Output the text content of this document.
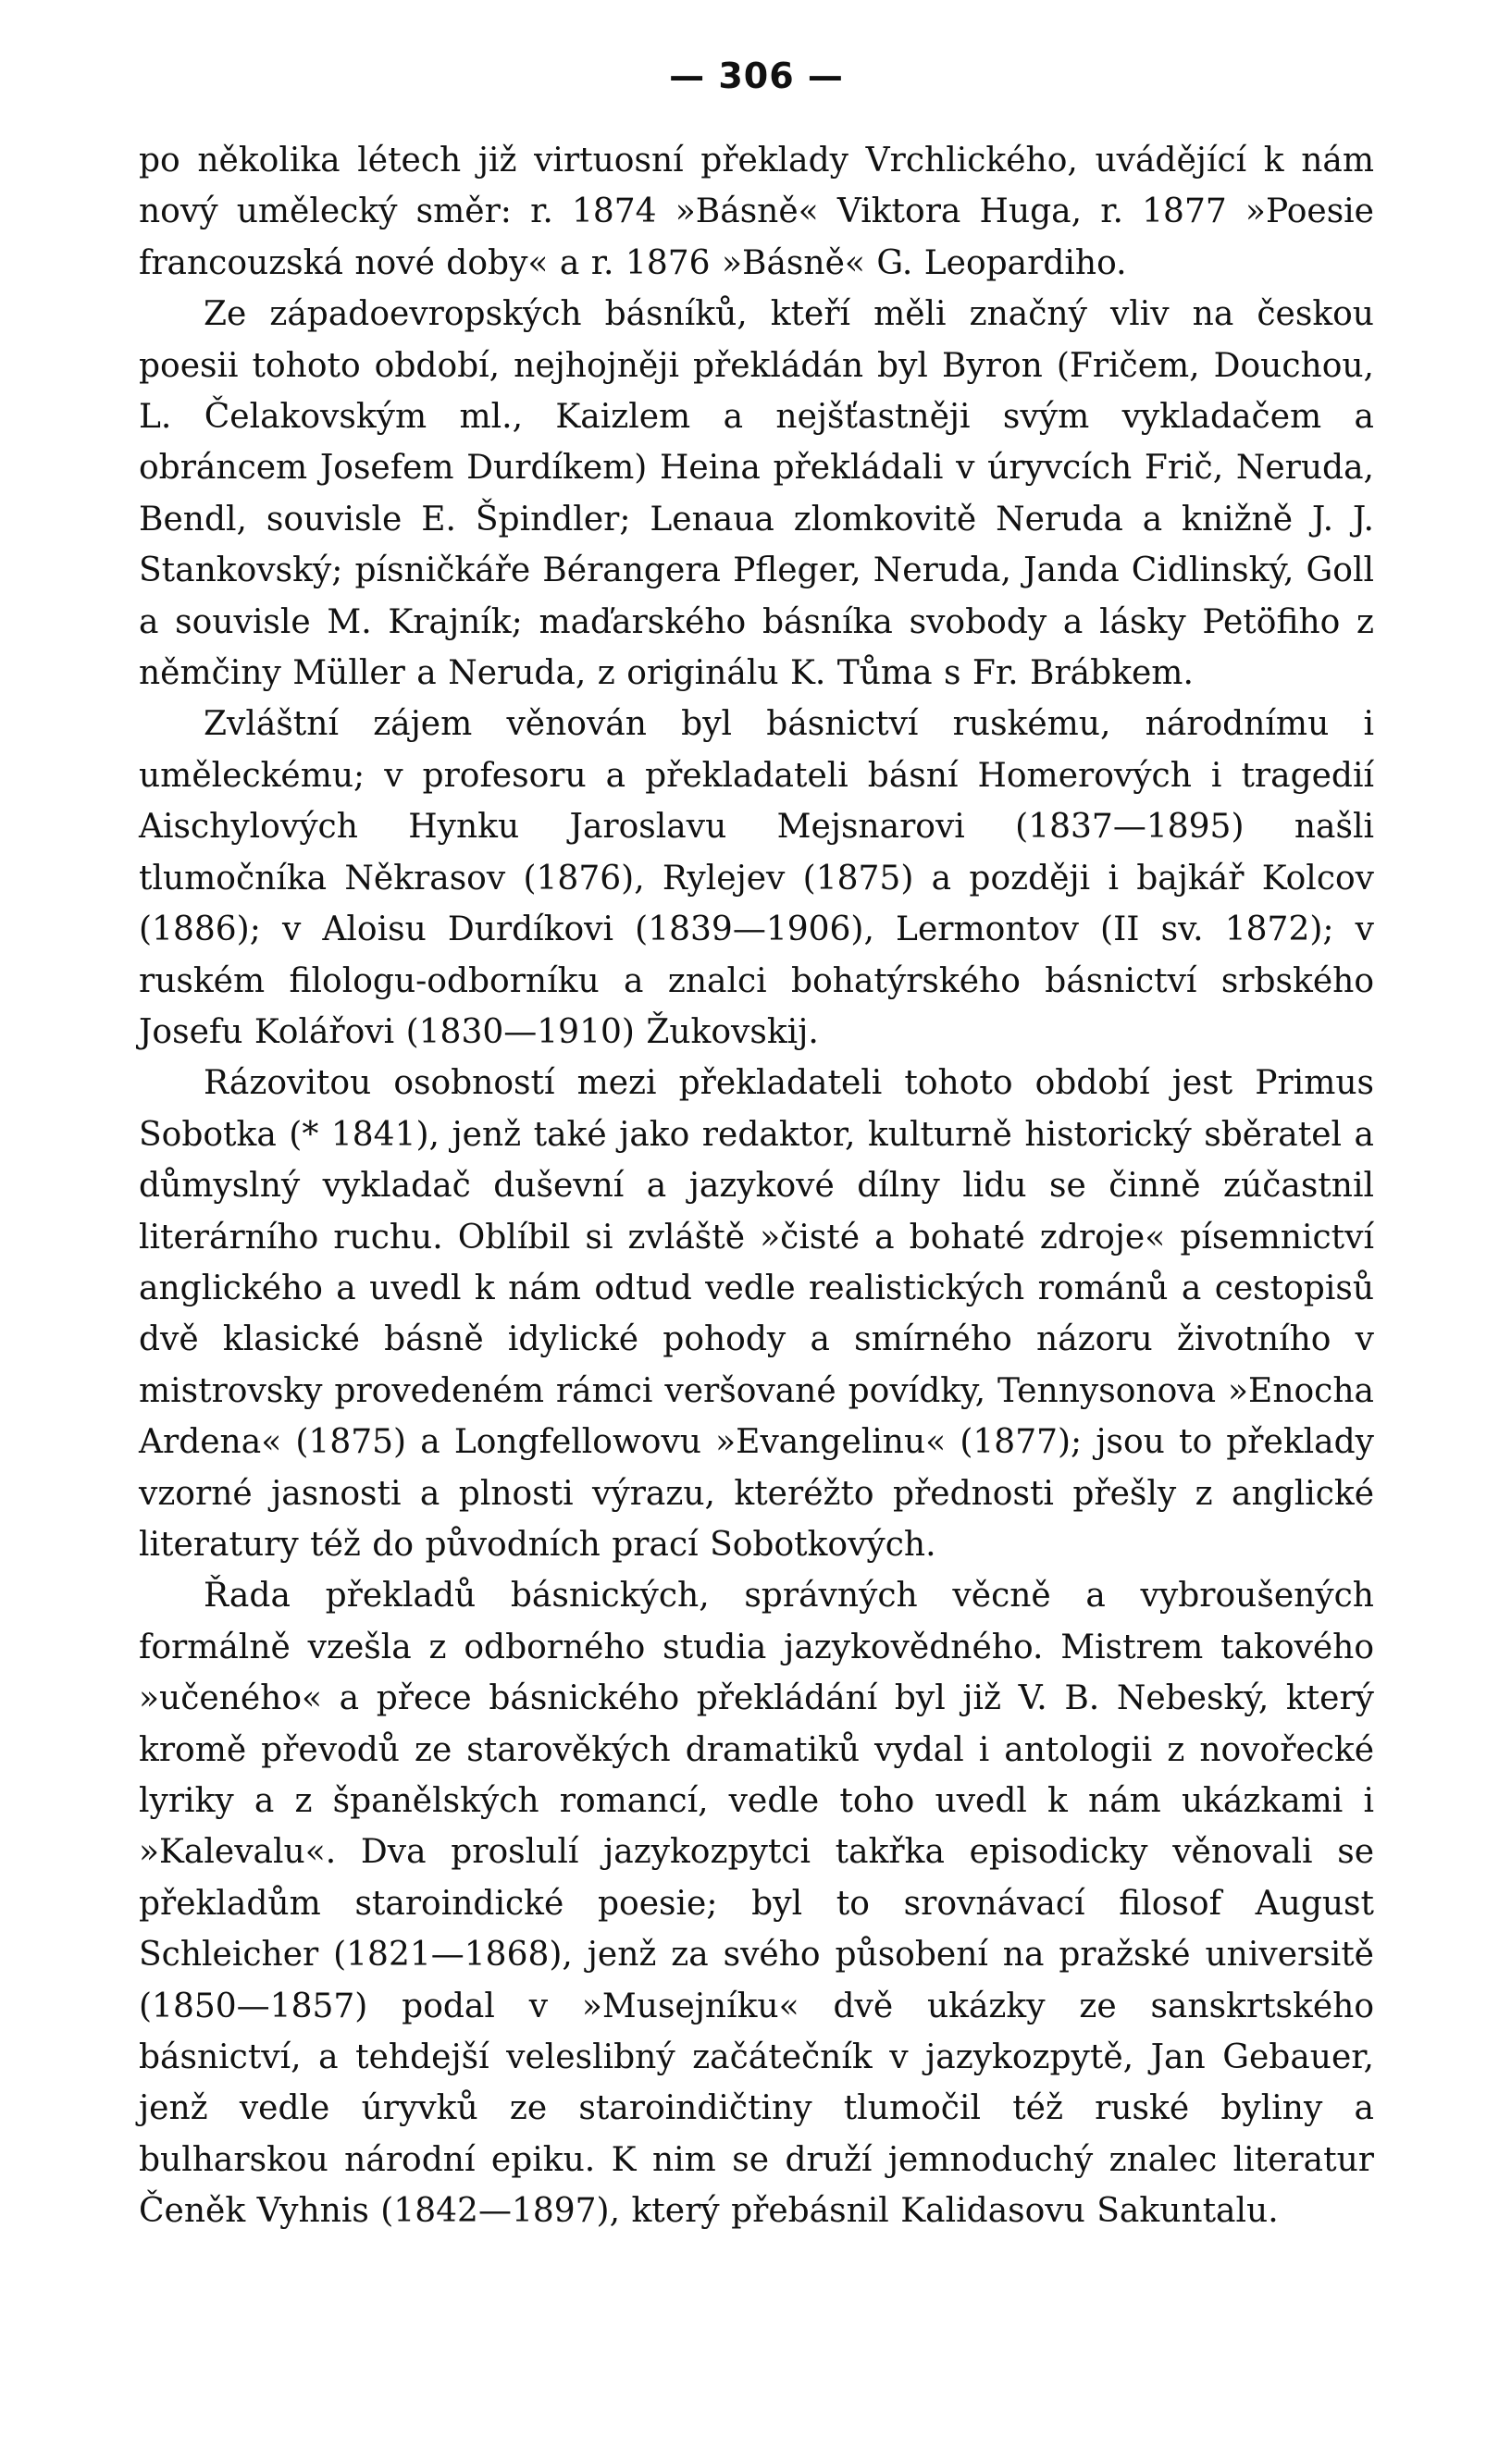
— 306 —

po několika létech již virtuosní překlady Vrchlického, uvádějící k nám nový umělecký směr: r. 1874 »Básně« Viktora Huga, r. 1877 »Poesie francouzská nové doby« a r. 1876 »Básně« G. Leopardiho.

Ze západoevropských básníků, kteří měli značný vliv na českou poesii tohoto období, nejhojněji překládán byl Byron (Fričem, Douchou, L. Čelakovským ml., Kaizlem a nejšťastněji svým vykladačem a obráncem Josefem Durdíkem) Heina překládali v úryvcích Frič, Neruda, Bendl, souvisle E. Špindler; Lenaua zlomkovitě Neruda a knižně J. J. Stankovský; písničkáře Bérangera Pfleger, Neruda, Janda Cidlinský, Goll a souvisle M. Krajník; maďarského básníka svobody a lásky Petöfiho z němčiny Müller a Neruda, z originálu K. Tůma s Fr. Brábkem.

Zvláštní zájem věnován byl básnictví ruskému, národnímu i uměleckému; v profesoru a překladateli básní Homerových i tragedií Aischylových Hynku Jaroslavu Mejsnarovi (1837—1895) našli tlumočníka Někrasov (1876), Rylejev (1875) a později i bajkář Kolcov (1886); v Aloisu Durdíkovi (1839—1906), Lermontov (II sv. 1872); v ruském filologu-odborníku a znalci bohatýrského básnictví srbského Josefu Kolářovi (1830—1910) Žukovskij.

Rázovitou osobností mezi překladateli tohoto období jest Primus Sobotka (* 1841), jenž také jako redaktor, kulturně historický sběratel a důmyslný vykladač duševní a jazykové dílny lidu se činně zúčastnil literárního ruchu. Oblíbil si zvláště »čisté a bohaté zdroje« písemnictví anglického a uvedl k nám odtud vedle realistických románů a cestopisů dvě klasické básně idylické pohody a smírného názoru životního v mistrovsky provedeném rámci veršované povídky, Tennysonova »Enocha Ardena« (1875) a Longfellowovu »Evangelinu« (1877); jsou to překlady vzorné jasnosti a plnosti výrazu, kteréžto přednosti přešly z anglické literatury též do původních prací Sobotkových.

Řada překladů básnických, správných věcně a vybroušených formálně vzešla z odborného studia jazykovědného. Mistrem takového »učeného« a přece básnického překládání byl již V. B. Nebeský, který kromě převodů ze starověkých dramatiků vydal i antologii z novořecké lyriky a z španělských romancí, vedle toho uvedl k nám ukázkami i »Kalevalu«. Dva proslulí jazykozpytci takřka episodicky věnovali se překladům staroindické poesie; byl to srovnávací filosof August Schleicher (1821—1868), jenž za svého působení na pražské universitě (1850—1857) podal v »Musejníku« dvě ukázky ze sanskrtského básnictví, a tehdejší veleslibný začátečník v jazykozpytě, Jan Gebauer, jenž vedle úryvků ze staroindičtiny tlumočil též ruské byliny a bulharskou národní epiku. K nim se druží jemnoduchý znalec literatur Čeněk Vyhnis (1842—1897), který přebásnil Kalidasovu Sakuntalu.
